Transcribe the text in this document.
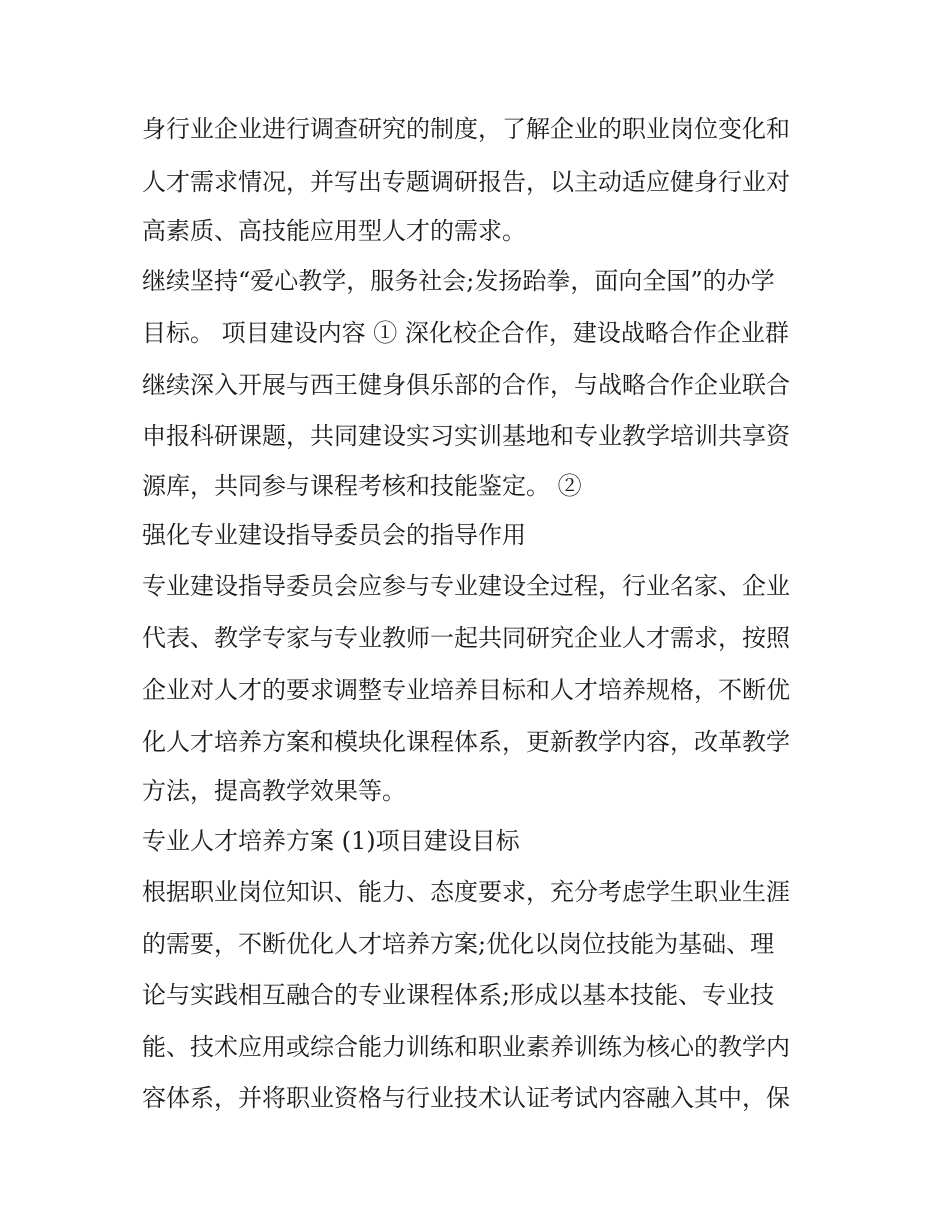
身行业企业进行调查研究的制度，了解企业的职业岗位变化和
人才需求情况，并写出专题调研报告，以主动适应健身行业对
高素质、高技能应用型人才的需求。
继续坚持“爱心教学，服务社会;发扬跆拳，面向全国”的办学
目标。 项目建设内容 ① 深化校企合作，建设战略合作企业群
继续深入开展与西王健身俱乐部的合作，与战略合作企业联合
申报科研课题，共同建设实习实训基地和专业教学培训共享资
源库，共同参与课程考核和技能鉴定。 ②
强化专业建设指导委员会的指导作用
专业建设指导委员会应参与专业建设全过程，行业名家、企业
代表、教学专家与专业教师一起共同研究企业人才需求，按照
企业对人才的要求调整专业培养目标和人才培养规格，不断优
化人才培养方案和模块化课程体系，更新教学内容，改革教学
方法，提高教学效果等。
专业人才培养方案 (1)项目建设目标
根据职业岗位知识、能力、态度要求，充分考虑学生职业生涯
的需要，不断优化人才培养方案;优化以岗位技能为基础、理
论与实践相互融合的专业课程体系;形成以基本技能、专业技
能、技术应用或综合能力训练和职业素养训练为核心的教学内
容体系，并将职业资格与行业技术认证考试内容融入其中，保
